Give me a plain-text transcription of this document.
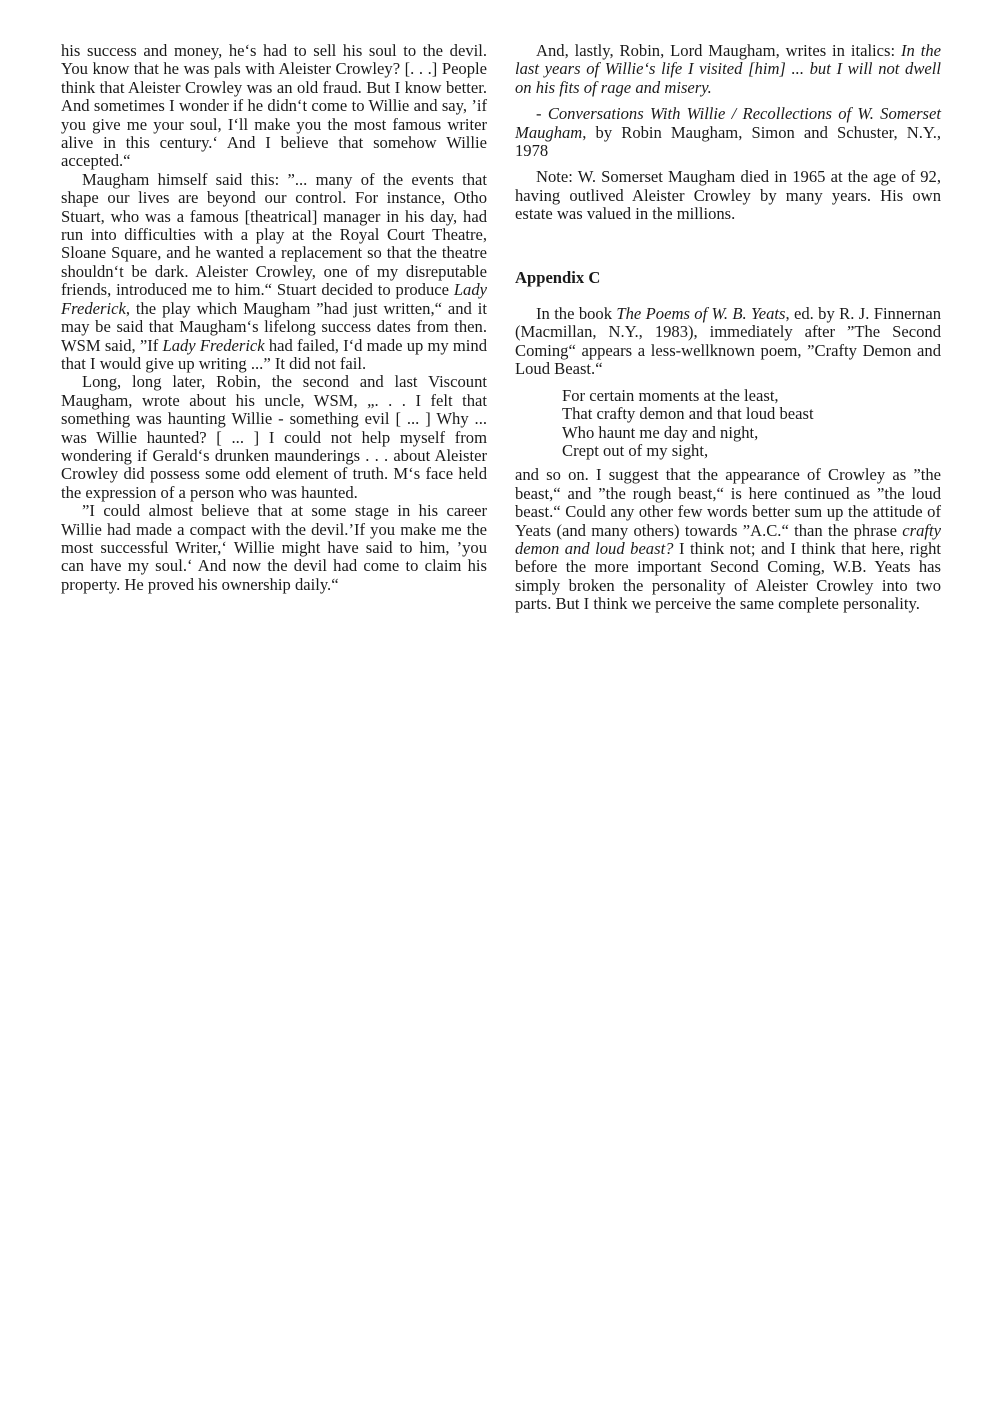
his success and money, he‘s had to sell his soul to the devil. You know that he was pals with Aleister Crowley? [. . .] People think that Aleister Crowley was an old fraud. But I know better. And sometimes I wonder if he didn‘t come to Willie and say, ’if you give me your soul, I‘ll make you the most famous writer alive in this century.‘ And I believe that somehow Willie accepted.“

Maugham himself said this: ”... many of the events that shape our lives are beyond our control. For instance, Otho Stuart, who was a famous [theatrical] manager in his day, had run into difficulties with a play at the Royal Court Theatre, Sloane Square, and he wanted a replacement so that the theatre shouldn‘t be dark. Aleister Crowley, one of my disreputable friends, introduced me to him.“ Stuart decided to produce Lady Frederick, the play which Maugham ”had just written,“ and it may be said that Maugham‘s lifelong success dates from then. WSM said, ”If Lady Frederick had failed, I‘d made up my mind that I would give up writing ...” It did not fail.

Long, long later, Robin, the second and last Viscount Maugham, wrote about his uncle, WSM, „. . . I felt that something was haunting Willie - something evil [ ... ] Why ... was Willie haunted? [ ... ] I could not help myself from wondering if Gerald‘s drunken maunderings . . . about Aleister Crowley did possess some odd element of truth. M‘s face held the expression of a person who was haunted.

”I could almost believe that at some stage in his career Willie had made a compact with the devil.’If you make me the most successful Writer,‘ Willie might have said to him, ’you can have my soul.‘ And now the devil had come to claim his property. He proved his ownership daily.“

And, lastly, Robin, Lord Maugham, writes in italics: In the last years of Willie‘s life I visited [him] ... but I will not dwell on his fits of rage and misery.

- Conversations With Willie / Recollections of W. Somerset Maugham, by Robin Maugham, Simon and Schuster, N.Y., 1978

Note: W. Somerset Maugham died in 1965 at the age of 92, having outlived Aleister Crowley by many years. His own estate was valued in the millions.

Appendix C

In the book The Poems of W. B. Yeats, ed. by R. J. Finnernan (Macmillan, N.Y., 1983), immediately after ”The Second Coming“ appears a less-wellknown poem, ”Crafty Demon and Loud Beast.“

For certain moments at the least,
That crafty demon and that loud beast
Who haunt me day and night,
Crept out of my sight,

and so on. I suggest that the appearance of Crowley as ”the beast,“ and ”the rough beast,“ is here continued as ”the loud beast.“ Could any other few words better sum up the attitude of Yeats (and many others) towards ”A.C.“ than the phrase crafty demon and loud beast? I think not; and I think that here, right before the more important Second Coming, W.B. Yeats has simply broken the personality of Aleister Crowley into two parts. But I think we perceive the same complete personality.
